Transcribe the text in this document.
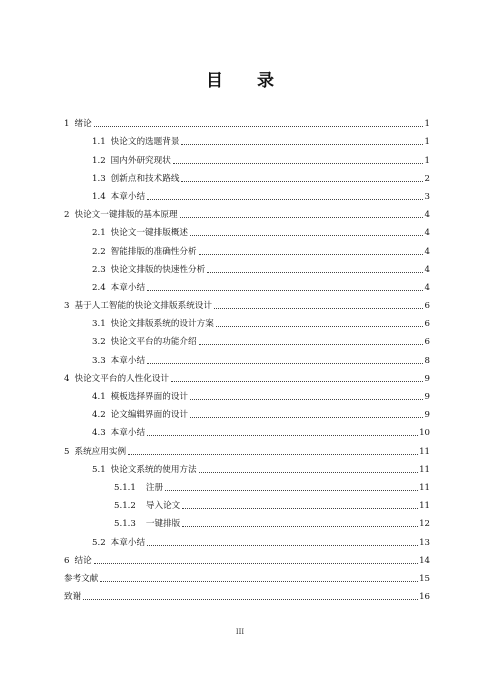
目 录
1 绪论	1
1.1 快论文的选题背景	1
1.2 国内外研究现状	1
1.3 创新点和技术路线	2
1.4 本章小结	3
2 快论文一键排版的基本原理	4
2.1 快论文一键排版概述	4
2.2 智能排版的准确性分析	4
2.3 快论文排版的快速性分析	4
2.4 本章小结	4
3 基于人工智能的快论文排版系统设计	6
3.1 快论文排版系统的设计方案	6
3.2 快论文平台的功能介绍	6
3.3 本章小结	8
4 快论文平台的人性化设计	9
4.1 模板选择界面的设计	9
4.2 论文编辑界面的设计	9
4.3 本章小结	10
5 系统应用实例	11
5.1 快论文系统的使用方法	11
5.1.1 注册	11
5.1.2 导入论文	11
5.1.3 一键排版	12
5.2 本章小结	13
6 结论	14
参考文献	15
致谢	16
III
